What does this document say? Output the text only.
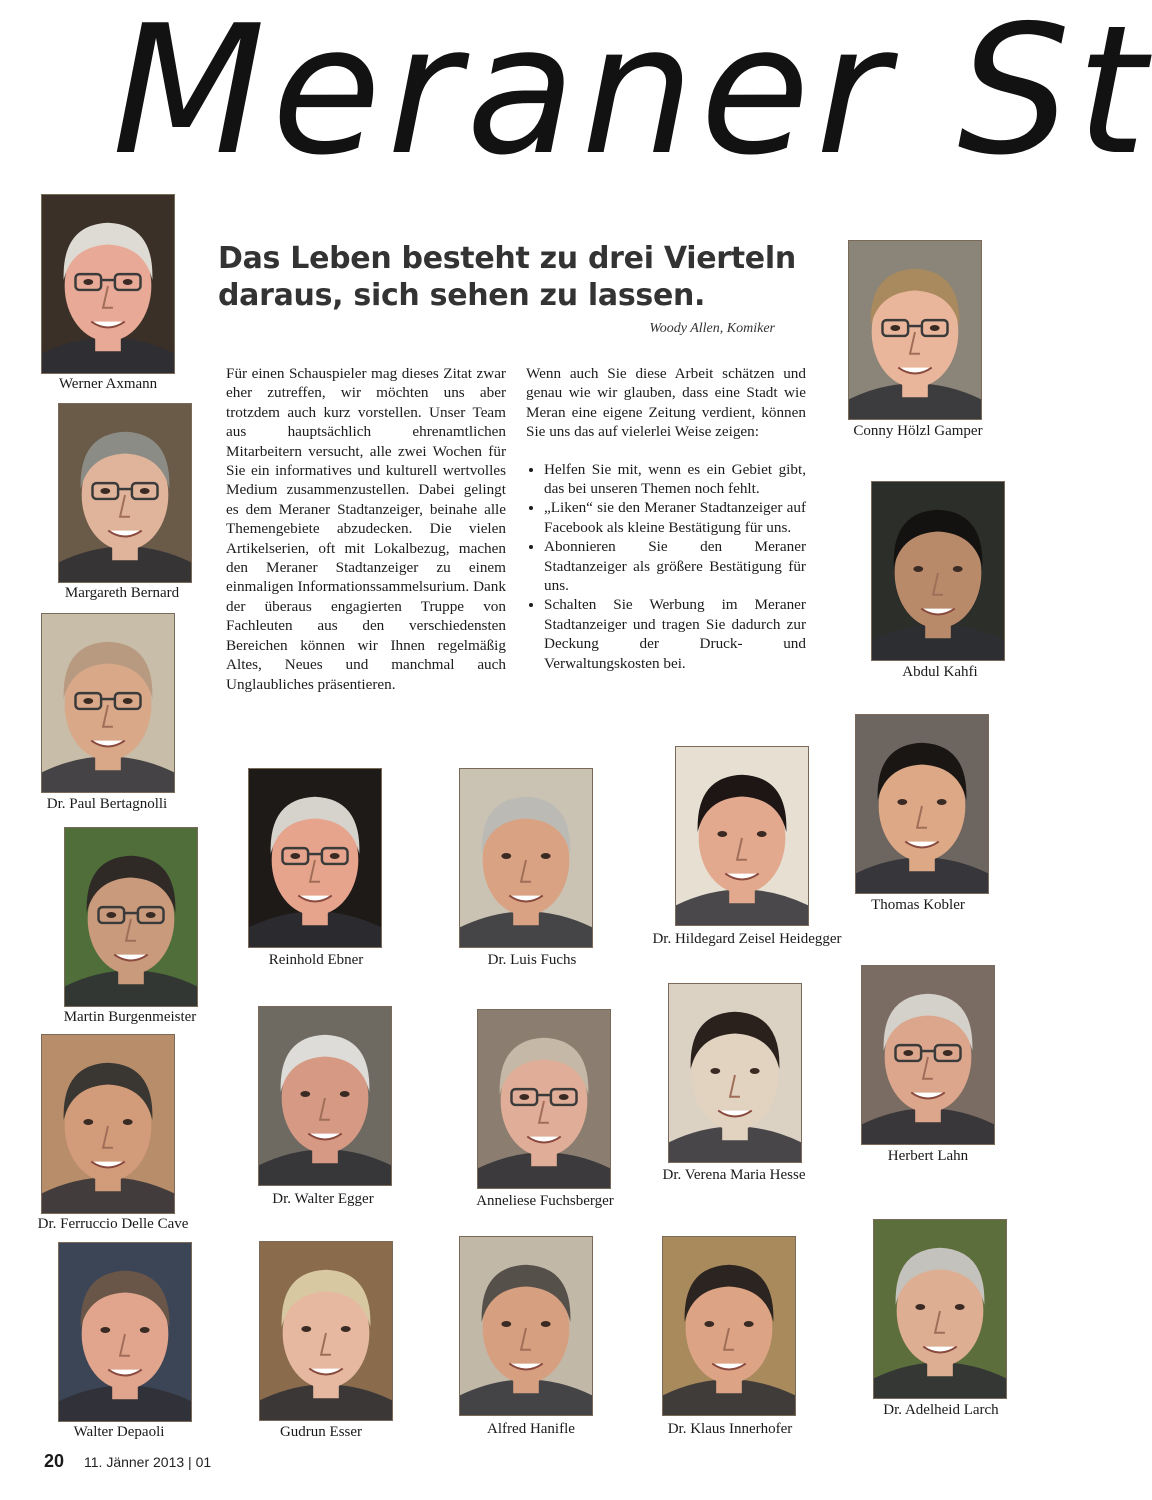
Meraner St
Das Leben besteht zu drei Vierteln daraus, sich sehen zu lassen.
Woody Allen, Komiker

Für einen Schauspieler mag dieses Zitat zwar eher zutreffen, wir möchten uns aber trotzdem auch kurz vorstellen. Unser Team aus hauptsächlich ehrenamtlichen Mitarbeitern versucht, alle zwei Wochen für Sie ein informatives und kulturell wertvolles Medium zusammenzustellen. Dabei gelingt es dem Meraner Stadtanzeiger, beinahe alle Themengebiete abzudecken. Die vielen Artikelserien, oft mit Lokalbezug, machen den Meraner Stadtanzeiger zu einem einmaligen Informationssammelsurium. Dank der überaus engagierten Truppe von Fachleuten aus den verschiedensten Bereichen können wir Ihnen regelmäßig Altes, Neues und manchmal auch Unglaubliches präsentieren.

Wenn auch Sie diese Arbeit schätzen und genau wie wir glauben, dass eine Stadt wie Meran eine eigene Zeitung verdient, können Sie uns das auf vielerlei Weise zeigen:
• Helfen Sie mit, wenn es ein Gebiet gibt, das bei unseren Themen noch fehlt.
• „Liken“ sie den Meraner Stadtanzeiger auf Facebook als kleine Bestätigung für uns.
• Abonnieren Sie den Meraner Stadtanzeiger als größere Bestätigung für uns.
• Schalten Sie Werbung im Meraner Stadtanzeiger und tragen Sie dadurch zur Deckung der Druck- und Verwaltungskosten bei.
Werner Axmann
Margareth Bernard
Dr. Paul Bertagnolli
Martin Burgenmeister
Dr. Ferruccio Delle Cave
Walter Depaoli
Reinhold Ebner	Dr. Luis Fuchs
Dr. Hildegard Zeisel Heidegger
Thomas Kobler
Dr. Walter Egger	Anneliese Fuchsberger
Dr. Verena Maria Hesse
Herbert Lahn
Conny Hölzl Gamper
Abdul Kahfi
Gudrun Esser	Alfred Hanifle	Dr. Klaus Innerhofer
Dr. Adelheid Larch
20 11. Jänner 2013 | 01
